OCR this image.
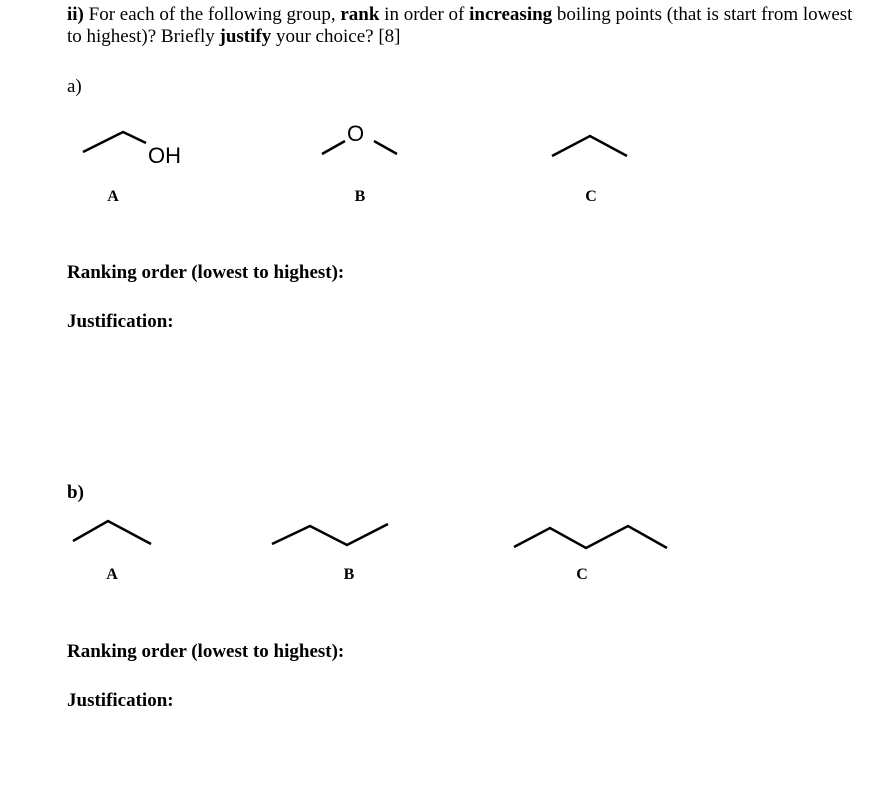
ii) For each of the following group, rank in order of increasing boiling points (that is start from lowest to highest)? Briefly justify your choice? [8]
a)
OH
O
A	B	C
Ranking order (lowest to highest):
Justification:
b)
A	B	C
Ranking order (lowest to highest):
Justification:
